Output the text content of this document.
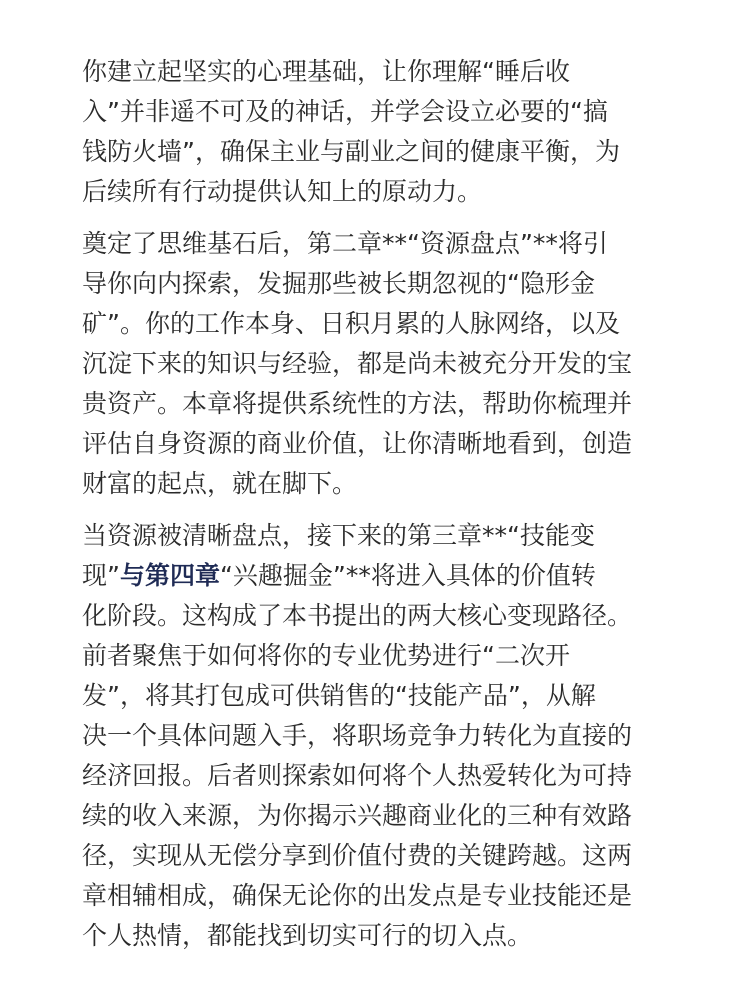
你建立起坚实的心理基础，让你理解“睡后收
入”并非遥不可及的神话，并学会设立必要的“搞
钱防火墙”，确保主业与副业之间的健康平衡，为
后续所有行动提供认知上的原动力。

奠定了思维基石后，第二章**“资源盘点”**将引
导你向内探索，发掘那些被长期忽视的“隐形金
矿”。你的工作本身、日积月累的人脉网络，以及
沉淀下来的知识与经验，都是尚未被充分开发的宝
贵资产。本章将提供系统性的方法，帮助你梳理并
评估自身资源的商业价值，让你清晰地看到，创造
财富的起点，就在脚下。

当资源被清晰盘点，接下来的第三章**“技能变
现”与第四章“兴趣掘金”**将进入具体的价值转
化阶段。这构成了本书提出的两大核心变现路径。
前者聚焦于如何将你的专业优势进行“二次开
发”，将其打包成可供销售的“技能产品”，从解
决一个具体问题入手，将职场竞争力转化为直接的
经济回报。后者则探索如何将个人热爱转化为可持
续的收入来源，为你揭示兴趣商业化的三种有效路
径，实现从无偿分享到价值付费的关键跨越。这两
章相辅相成，确保无论你的出发点是专业技能还是
个人热情，都能找到切实可行的切入点。
